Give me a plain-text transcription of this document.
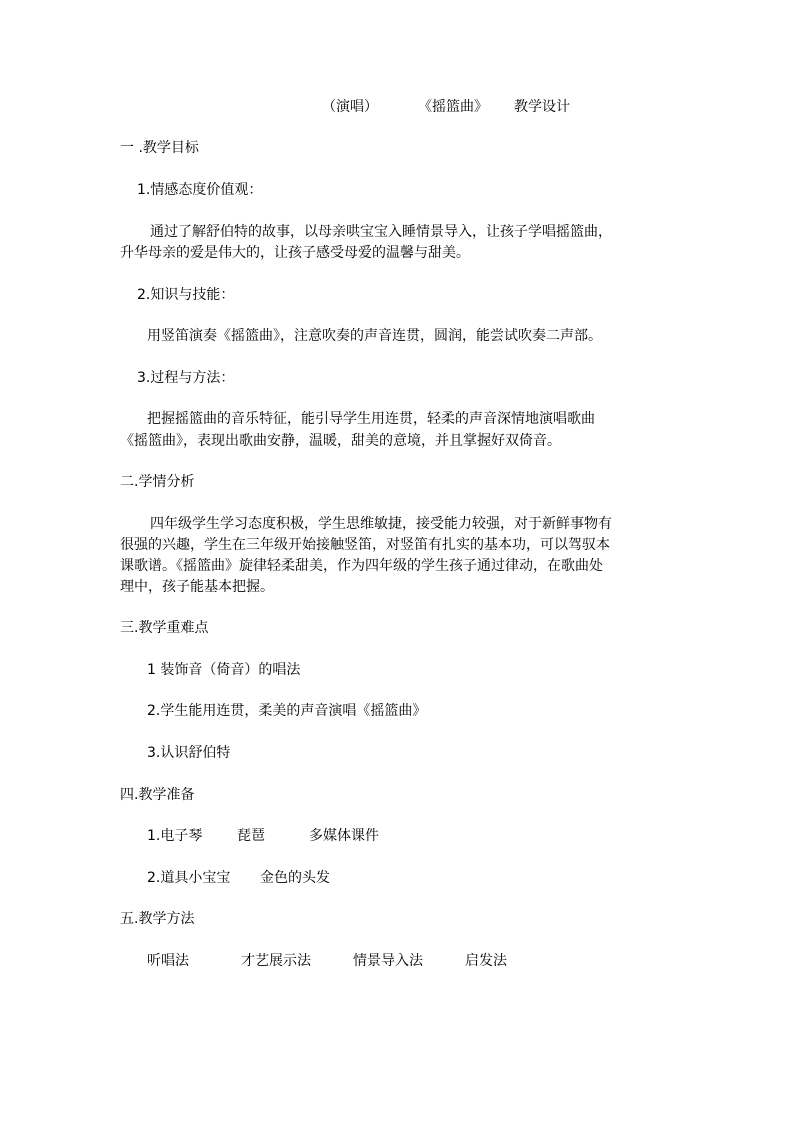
（演唱）	《摇篮曲》 教学设计
一 .教学目标
1.情感态度价值观：
通过了解舒伯特的故事，以母亲哄宝宝入睡情景导入，让孩子学唱摇篮曲，
升华母亲的爱是伟大的，让孩子感受母爱的温馨与甜美。
2.知识与技能：
用竖笛演奏《摇篮曲》，注意吹奏的声音连贯，圆润，能尝试吹奏二声部。
3.过程与方法：
把握摇篮曲的音乐特征，能引导学生用连贯，轻柔的声音深情地演唱歌曲
《摇篮曲》，表现出歌曲安静，温暖，甜美的意境，并且掌握好双倚音。
二.学情分析
四年级学生学习态度积极，学生思维敏捷，接受能力较强，对于新鲜事物有
很强的兴趣，学生在三年级开始接触竖笛，对竖笛有扎实的基本功，可以驾驭本
课歌谱。《摇篮曲》旋律轻柔甜美，作为四年级的学生孩子通过律动，在歌曲处
理中，孩子能基本把握。
三.教学重难点
1 装饰音（倚音）的唱法
2.学生能用连贯，柔美的声音演唱《摇篮曲》
3.认识舒伯特
四.教学准备
1.电子琴 琵琶	多媒体课件
2.道具小宝宝 金色的头发
五.教学方法
听唱法	才艺展示法	情景导入法	启发法
